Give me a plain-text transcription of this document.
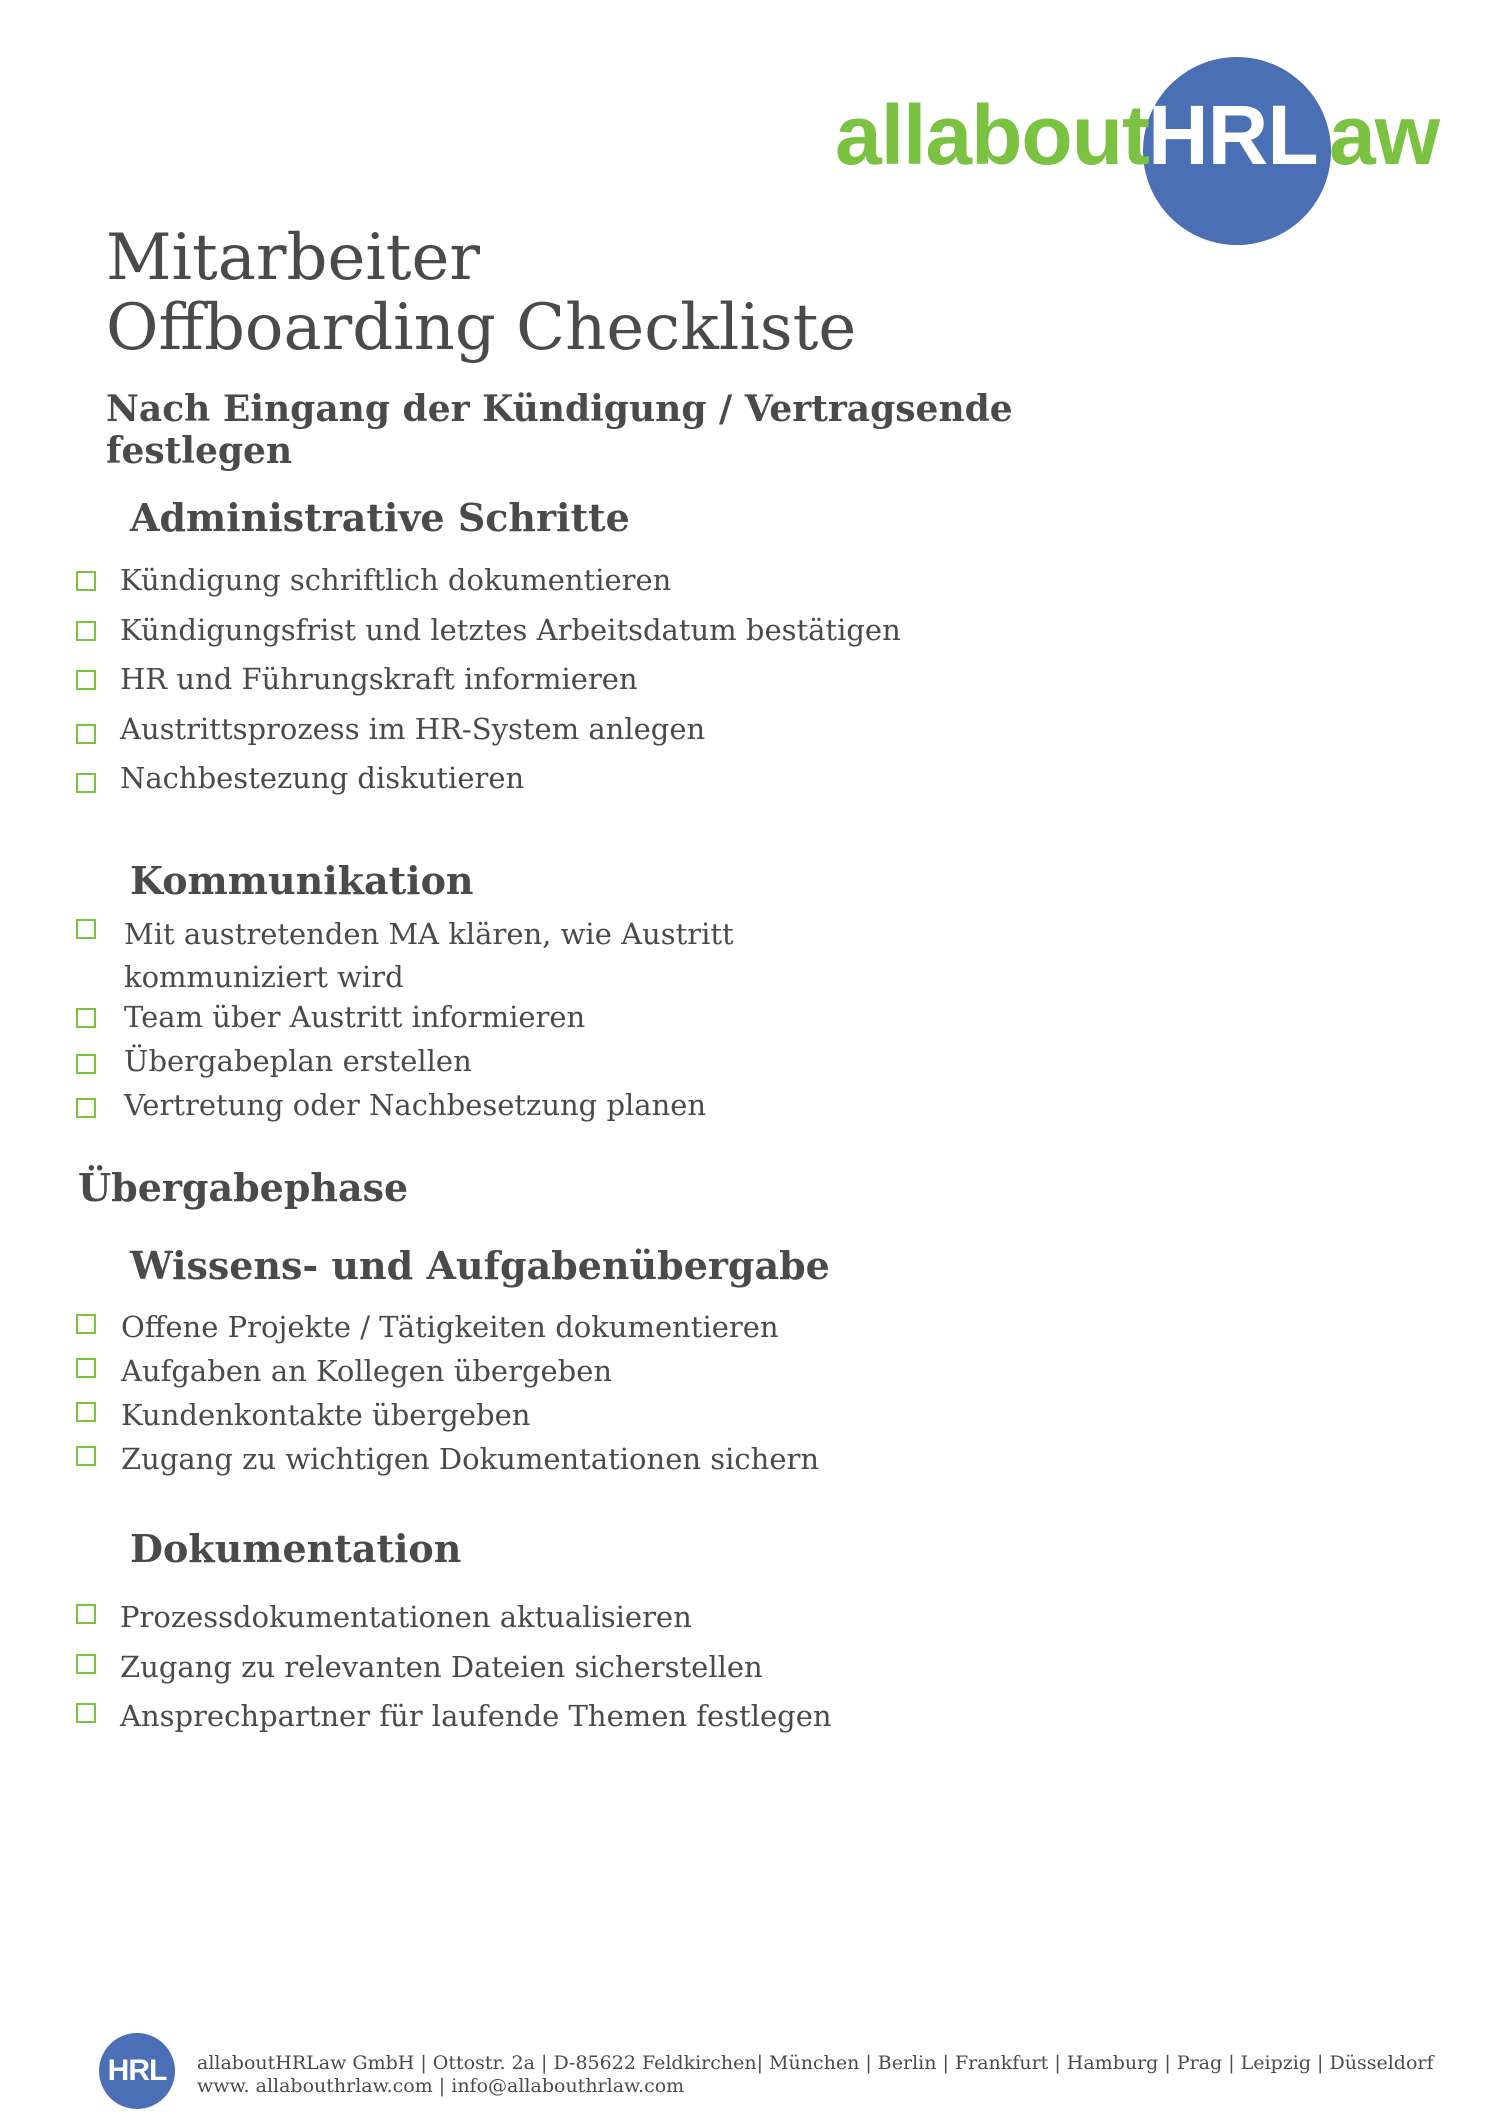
allabout
HRL aw
Mitarbeiter
Offboarding Checkliste
Nach Eingang der Kündigung / Vertragsende festlegen
Administrative Schritte
Kündigung schriftlich dokumentieren
Kündigungsfrist und letztes Arbeitsdatum bestätigen
HR und Führungskraft informieren
Austrittsprozess im HR-System anlegen
Nachbestezung diskutieren
Kommunikation
Mit austretenden MA klären, wie Austritt kommuniziert wird
Team über Austritt informieren
Übergabeplan erstellen
Vertretung oder Nachbesetzung planen
Übergabephase
Wissens- und Aufgabenübergabe
Offene Projekte / Tätigkeiten dokumentieren
Aufgaben an Kollegen übergeben
Kundenkontakte übergeben
Zugang zu wichtigen Dokumentationen sichern
Dokumentation
Prozessdokumentationen aktualisieren
Zugang zu relevanten Dateien sicherstellen
Ansprechpartner für laufende Themen festlegen
HRL	allaboutHRLaw GmbH | Ottostr. 2a | D-85622 Feldkirchen| München | Berlin | Frankfurt | Hamburg | Prag | Leipzig | Düsseldorf
www. allabouthrlaw.com | info@allabouthrlaw.com
